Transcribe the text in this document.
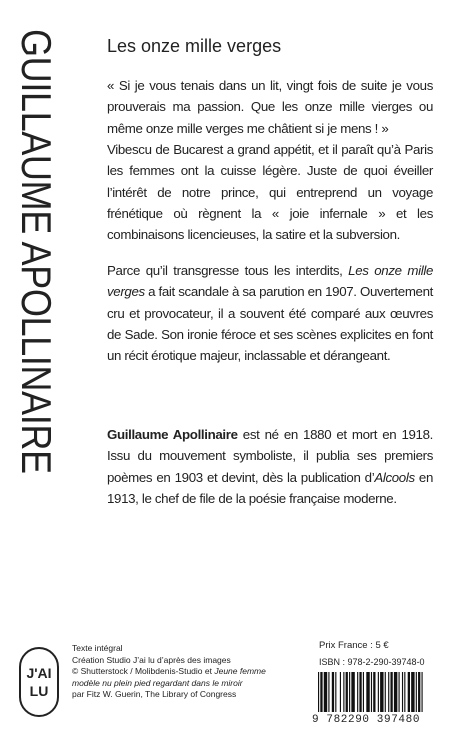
GUILLAUME APOLLINAIRE	Les onze mille verges

« Si je vous tenais dans un lit, vingt fois de suite je vous prouverais ma passion. Que les onze mille vierges ou même onze mille verges me châtient si je mens ! »

Vibescu de Bucarest a grand appétit, et il paraît qu’à Paris les femmes ont la cuisse légère. Juste de quoi éveiller l’intérêt de notre prince, qui entreprend un voyage frénétique où règnent la « joie infernale » et les combinaisons licencieuses, la satire et la subversion.

Parce qu’il transgresse tous les interdits, Les onze mille verges a fait scandale à sa parution en 1907. Ouvertement cru et provocateur, il a souvent été comparé aux œuvres de Sade. Son ironie féroce et ses scènes explicites en font un récit érotique majeur, inclassable et dérangeant.

Guillaume Apollinaire est né en 1880 et mort en 1918. Issu du mouvement symboliste, il publia ses premiers poèmes en 1903 et devint, dès la publication d’Alcools en 1913, le chef de file de la poésie française moderne.

J'AI
LU
Texte intégral
Création Studio J’ai lu d’après des images
© Shutterstock / Molibdenis-Studio et Jeune femme
modèle nu plein pied regardant dans le miroir
par Fitz W. Guerin, The Library of Congress
Prix France : 5 €
ISBN : 978-2-290-39748-0
9 782290 397480
